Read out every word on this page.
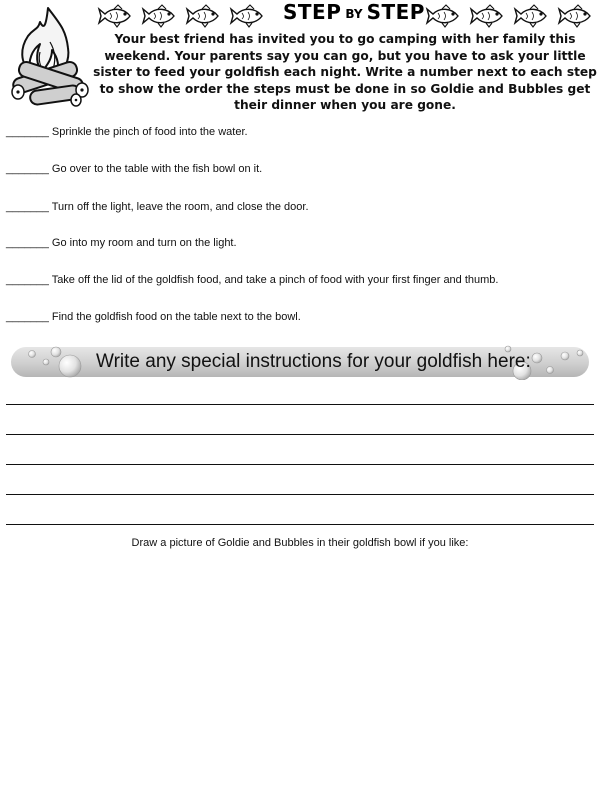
STEP BY STEP
Your best friend has invited you to go camping with her family this weekend. Your parents say you can go, but you have to ask your little sister to feed your goldfish each night. Write a number next to each step to show the order the steps must be done in so Goldie and Bubbles get their dinner when you are gone.
_______ Sprinkle the pinch of food into the water.
_______ Go over to the table with the fish bowl on it.
_______ Turn off the light, leave the room, and close the door.
_______ Go into my room and turn on the light.
_______ Take off the lid of the goldfish food, and take a pinch of food with your first finger and thumb.
_______ Find the goldfish food on the table next to the bowl.
Write any special instructions for your goldfish here:
Draw a picture of Goldie and Bubbles in their goldfish bowl if you like:
